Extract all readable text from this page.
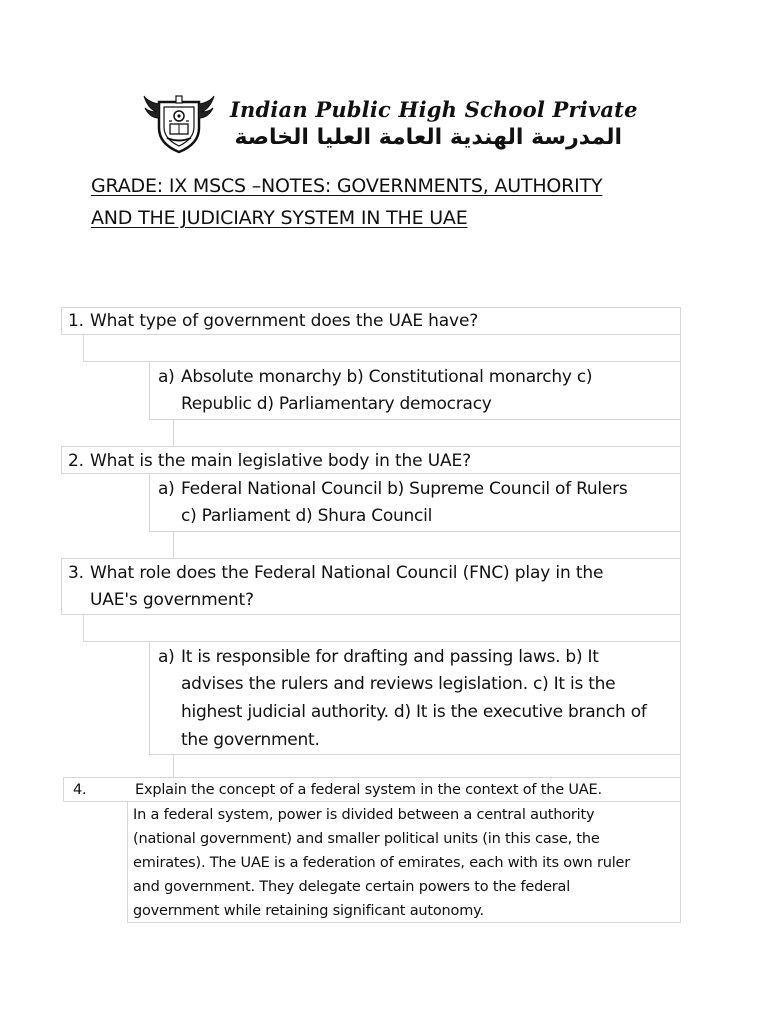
Indian Public High School Private
المدرسة الهندية العامة العليا الخاصة
GRADE: IX MSCS –NOTES: GOVERNMENTS, AUTHORITY
AND THE JUDICIARY SYSTEM IN THE UAE
1. What type of government does the UAE have?
a) Absolute monarchy b) Constitutional monarchy c)
Republic d) Parliamentary democracy
2. What is the main legislative body in the UAE?
a) Federal National Council b) Supreme Council of Rulers
c) Parliament d) Shura Council
3. What role does the Federal National Council (FNC) play in the
UAE's government?
a) It is responsible for drafting and passing laws. b) It
advises the rulers and reviews legislation. c) It is the
highest judicial authority. d) It is the executive branch of
the government.
4.	Explain the concept of a federal system in the context of the UAE.
In a federal system, power is divided between a central authority
(national government) and smaller political units (in this case, the
emirates). The UAE is a federation of emirates, each with its own ruler
and government. They delegate certain powers to the federal
government while retaining significant autonomy.
